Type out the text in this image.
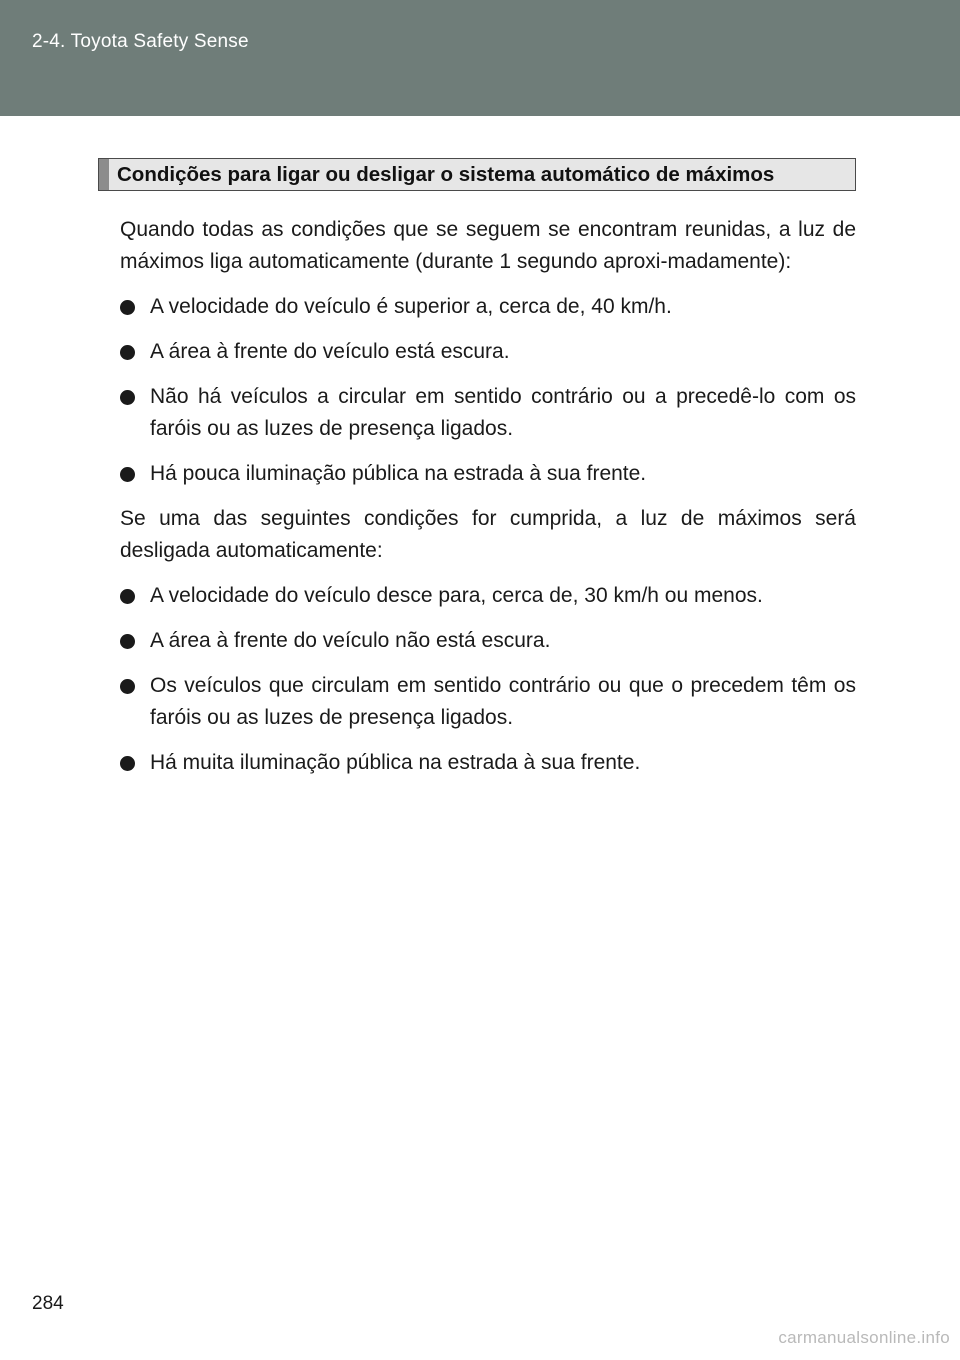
2-4. Toyota Safety Sense
Condições para ligar ou desligar o sistema automático de máximos

Quando todas as condições que se seguem se encontram reunidas, a luz de máximos liga automaticamente (durante 1 segundo aproxi-madamente):

A velocidade do veículo é superior a, cerca de, 40 km/h.
A área à frente do veículo está escura.
Não há veículos a circular em sentido contrário ou a precedê-lo com os faróis ou as luzes de presença ligados.
Há pouca iluminação pública na estrada à sua frente.

Se uma das seguintes condições for cumprida, a luz de máximos será desligada automaticamente:

A velocidade do veículo desce para, cerca de, 30 km/h ou menos.
A área à frente do veículo não está escura.
Os veículos que circulam em sentido contrário ou que o precedem têm os faróis ou as luzes de presença ligados.
Há muita iluminação pública na estrada à sua frente.
284
carmanualsonline.info
